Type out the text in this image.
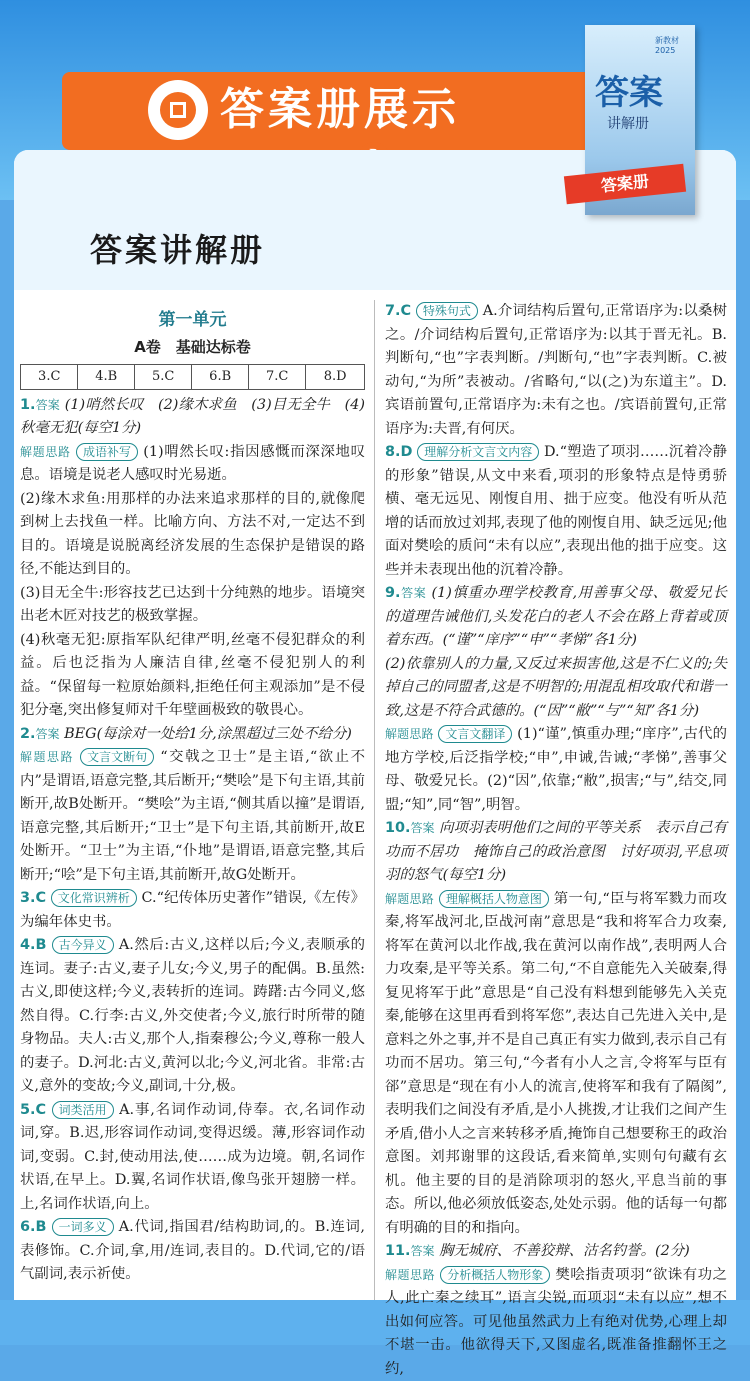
答案册展示
答案讲解册
新教材 2025
答案
讲解册
答案册
第一单元
A卷　基础达标卷
3.C	4.B	5.C	6.B	7.C	8.D

1.答案 (1)哨然长叹　(2)缘木求鱼　(3)目无全牛　(4)秋毫无犯(每空1分)

解题思路 成语补写 (1)喟然长叹:指因感慨而深深地叹息。语境是说老人感叹时光易逝。

(2)缘木求鱼:用那样的办法来追求那样的目的,就像爬到树上去找鱼一样。比喻方向、方法不对,一定达不到目的。语境是说脱离经济发展的生态保护是错误的路径,不能达到目的。

(3)目无全牛:形容技艺已达到十分纯熟的地步。语境突出老木匠对技艺的极致掌握。

(4)秋毫无犯:原指军队纪律严明,丝毫不侵犯群众的利益。后也泛指为人廉洁自律,丝毫不侵犯别人的利益。“保留每一粒原始颜料,拒绝任何主观添加”是不侵犯分毫,突出修复师对千年壁画极致的敬畏心。

2.答案 BEG(每涂对一处给1分,涂黑超过三处不给分)

解题思路 文言文断句 “交戟之卫士”是主语,“欲止不内”是谓语,语意完整,其后断开;“樊哙”是下句主语,其前断开,故B处断开。“樊哙”为主语,“侧其盾以撞”是谓语,语意完整,其后断开;“卫士”是下句主语,其前断开,故E处断开。“卫士”为主语,“仆地”是谓语,语意完整,其后断开;“哙”是下句主语,其前断开,故G处断开。

3.C 文化常识辨析 C.“纪传体历史著作”错误,《左传》为编年体史书。

4.B 古今异义 A.然后:古义,这样以后;今义,表顺承的连词。妻子:古义,妻子儿女;今义,男子的配偶。B.虽然:古义,即使这样;今义,表转折的连词。踌躇:古今同义,悠然自得。C.行李:古义,外交使者;今义,旅行时所带的随身物品。夫人:古义,那个人,指秦穆公;今义,尊称一般人的妻子。D.河北:古义,黄河以北;今义,河北省。非常:古义,意外的变故;今义,副词,十分,极。

5.C 词类活用 A.事,名词作动词,侍奉。衣,名词作动词,穿。B.迟,形容词作动词,变得迟缓。薄,形容词作动词,变弱。C.封,使动用法,使……成为边境。朝,名词作状语,在早上。D.翼,名词作状语,像鸟张开翅膀一样。上,名词作状语,向上。

6.B 一词多义 A.代词,指国君/结构助词,的。B.连词,表修饰。C.介词,拿,用/连词,表目的。D.代词,它的/语气副词,表示祈使。

7.C 特殊句式 A.介词结构后置句,正常语序为:以桑树之。/介词结构后置句,正常语序为:以其于晋无礼。B.判断句,“也”字表判断。/判断句,“也”字表判断。C.被动句,“为所”表被动。/省略句,“以(之)为东道主”。D.宾语前置句,正常语序为:未有之也。/宾语前置句,正常语序为:夫晋,有何厌。

8.D 理解分析文言文内容 D.“塑造了项羽……沉着冷静的形象”错误,从文中来看,项羽的形象特点是恃勇骄横、毫无远见、刚愎自用、拙于应变。他没有听从范增的话而放过刘邦,表现了他的刚愎自用、缺乏远见;他面对樊哙的质问“未有以应”,表现出他的拙于应变。这些并未表现出他的沉着冷静。

9.答案 (1)慎重办理学校教育,用善事父母、敬爱兄长的道理告诫他们,头发花白的老人不会在路上背着或顶着东西。(“谨”“庠序”“申”“孝悌”各1分)

(2)依靠别人的力量,又反过来损害他,这是不仁义的;失掉自己的同盟者,这是不明智的;用混乱相攻取代和谐一致,这是不符合武德的。(“因”“敝”“与”“知”各1分)

解题思路 文言文翻译 (1)“谨”,慎重办理;“庠序”,古代的地方学校,后泛指学校;“申”,申诫,告诫;“孝悌”,善事父母、敬爱兄长。(2)“因”,依靠;“敝”,损害;“与”,结交,同盟;“知”,同“智”,明智。

10.答案 向项羽表明他们之间的平等关系　表示自己有功而不居功　掩饰自己的政治意图　讨好项羽,平息项羽的怒气(每空1分)

解题思路 理解概括人物意图 第一句,“臣与将军戮力而攻秦,将军战河北,臣战河南”意思是“我和将军合力攻秦,将军在黄河以北作战,我在黄河以南作战”,表明两人合力攻秦,是平等关系。第二句,“不自意能先入关破秦,得复见将军于此”意思是“自己没有料想到能够先入关克秦,能够在这里再看到将军您”,表达自己先进入关中,是意料之外之事,并不是自己真正有实力做到,表示自己有功而不居功。第三句,“今者有小人之言,令将军与臣有郤”意思是“现在有小人的流言,使将军和我有了隔阂”,表明我们之间没有矛盾,是小人挑拨,才让我们之间产生矛盾,借小人之言来转移矛盾,掩饰自己想要称王的政治意图。刘邦谢罪的这段话,看来简单,实则句句藏有玄机。他主要的目的是消除项羽的怒火,平息当前的事态。所以,他必须放低姿态,处处示弱。他的话每一句都有明确的目的和指向。

11.答案 胸无城府、不善狡辩、沽名钓誉。(2分)

解题思路 分析概括人物形象 樊哙指责项羽“欲诛有功之人,此亡秦之续耳”,语言尖锐,而项羽“未有以应”,想不出如何应答。可见他虽然武力上有绝对优势,心理上却不堪一击。他欲得天下,又图虚名,既准备推翻怀王之约,
